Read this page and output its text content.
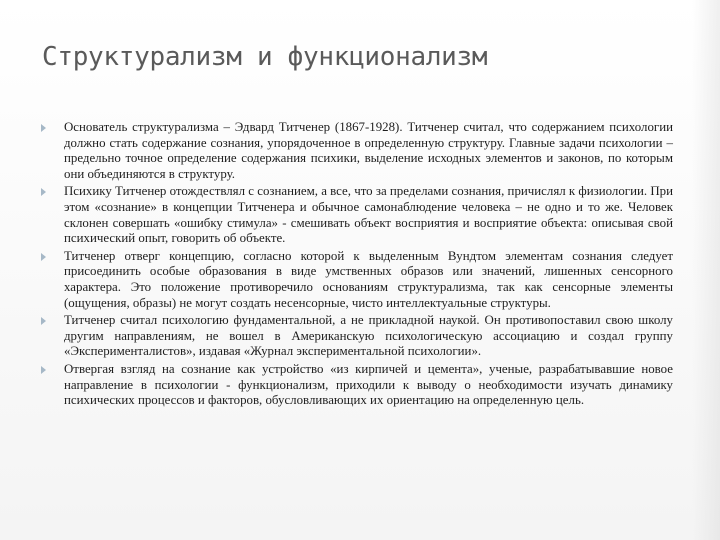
Структурализм и функционализм
Основатель структурализма – Эдвард Титченер (1867-1928). Титченер считал, что содержанием психологии должно стать содержание сознания, упорядоченное в определенную структуру. Главные задачи психологии – предельно точное определение содержания психики, выделение исходных элементов и законов, по которым они объединяются в структуру.
Психику Титченер отождествлял с сознанием, а все, что за пределами сознания, причислял к физиологии. При этом «сознание» в концепции Титченера и обычное самонаблюдение человека – не одно и то же. Человек склонен совершать «ошибку стимула» - смешивать объект восприятия и восприятие объекта: описывая свой психический опыт, говорить об объекте.
Титченер отверг концепцию, согласно которой к выделенным Вундтом элементам сознания следует присоединить особые образования в виде умственных образов или значений, лишенных сенсорного характера. Это положение противоречило основаниям структурализма, так как сенсорные элементы (ощущения, образы) не могут создать несенсорные, чисто интеллектуальные структуры.
Титченер считал психологию фундаментальной, а не прикладной наукой. Он противопоставил свою школу другим направлениям, не вошел в Американскую психологическую ассоциацию и создал группу «Эксперименталистов», издавая «Журнал экспериментальной психологии».
Отвергая взгляд на сознание как устройство «из кирпичей и цемента», ученые, разрабатывавшие новое направление в психологии - функционализм, приходили к выводу о необходимости изучать динамику психических процессов и факторов, обусловливающих их ориентацию на определенную цель.
